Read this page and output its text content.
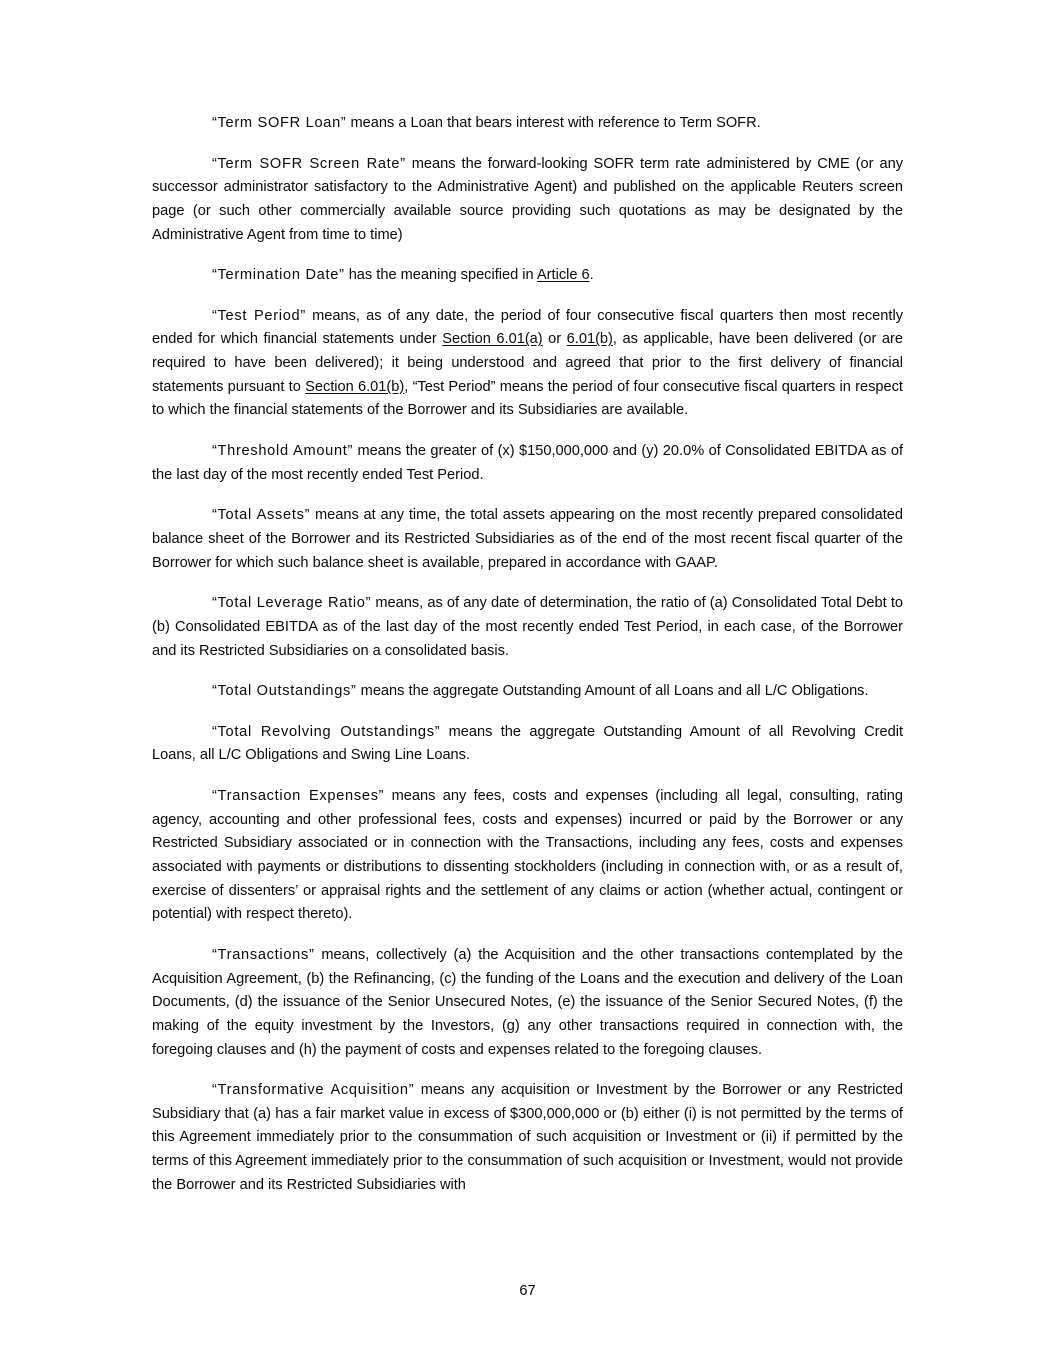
“Term SOFR Loan” means a Loan that bears interest with reference to Term SOFR.

“Term SOFR Screen Rate” means the forward-looking SOFR term rate administered by CME (or any successor administrator satisfactory to the Administrative Agent) and published on the applicable Reuters screen page (or such other commercially available source providing such quotations as may be designated by the Administrative Agent from time to time)

“Termination Date” has the meaning specified in Article 6.

“Test Period” means, as of any date, the period of four consecutive fiscal quarters then most recently ended for which financial statements under Section 6.01(a) or 6.01(b), as applicable, have been delivered (or are required to have been delivered); it being understood and agreed that prior to the first delivery of financial statements pursuant to Section 6.01(b), “Test Period” means the period of four consecutive fiscal quarters in respect to which the financial statements of the Borrower and its Subsidiaries are available.

“Threshold Amount” means the greater of (x) $150,000,000 and (y) 20.0% of Consolidated EBITDA as of the last day of the most recently ended Test Period.

“Total Assets” means at any time, the total assets appearing on the most recently prepared consolidated balance sheet of the Borrower and its Restricted Subsidiaries as of the end of the most recent fiscal quarter of the Borrower for which such balance sheet is available, prepared in accordance with GAAP.

“Total Leverage Ratio” means, as of any date of determination, the ratio of (a) Consolidated Total Debt to (b) Consolidated EBITDA as of the last day of the most recently ended Test Period, in each case, of the Borrower and its Restricted Subsidiaries on a consolidated basis.

“Total Outstandings” means the aggregate Outstanding Amount of all Loans and all L/C Obligations.

“Total Revolving Outstandings” means the aggregate Outstanding Amount of all Revolving Credit Loans, all L/C Obligations and Swing Line Loans.

“Transaction Expenses” means any fees, costs and expenses (including all legal, consulting, rating agency, accounting and other professional fees, costs and expenses) incurred or paid by the Borrower or any Restricted Subsidiary associated or in connection with the Transactions, including any fees, costs and expenses associated with payments or distributions to dissenting stockholders (including in connection with, or as a result of, exercise of dissenters’ or appraisal rights and the settlement of any claims or action (whether actual, contingent or potential) with respect thereto).

“Transactions” means, collectively (a) the Acquisition and the other transactions contemplated by the Acquisition Agreement, (b) the Refinancing, (c) the funding of the Loans and the execution and delivery of the Loan Documents, (d) the issuance of the Senior Unsecured Notes, (e) the issuance of the Senior Secured Notes, (f) the making of the equity investment by the Investors, (g) any other transactions required in connection with, the foregoing clauses and (h) the payment of costs and expenses related to the foregoing clauses.

“Transformative Acquisition” means any acquisition or Investment by the Borrower or any Restricted Subsidiary that (a) has a fair market value in excess of $300,000,000 or (b) either (i) is not permitted by the terms of this Agreement immediately prior to the consummation of such acquisition or Investment or (ii) if permitted by the terms of this Agreement immediately prior to the consummation of such acquisition or Investment, would not provide the Borrower and its Restricted Subsidiaries with

67
